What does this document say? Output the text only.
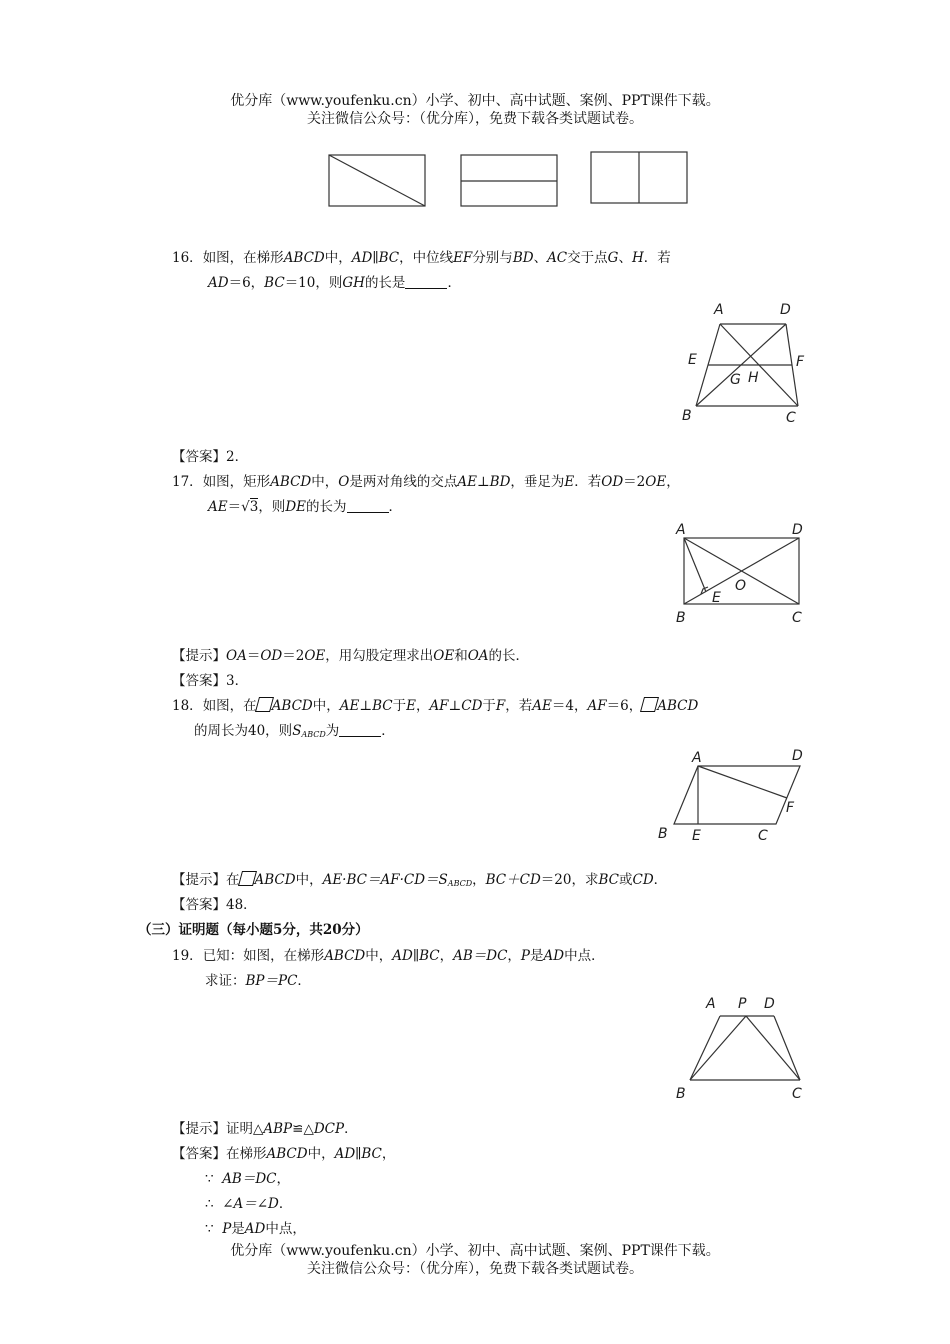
优分库（www.youfenku.cn）小学、初中、高中试题、案例、PPT课件下载。
关注微信公众号：（优分库），免费下载各类试题试卷。
16．如图，在梯形ABCD中，AD∥BC，中位线EF分别与BD、AC交于点G、H．若
AD＝6，BC＝10，则GH的长是	．
A	D
E	F
G H
B	C
【答案】2．
17．如图，矩形ABCD中，O是两对角线的交点AE⊥BD，垂足为E．若OD＝2OE，
AE＝√3，则DE的长为	．
A	D
O
E
B	C
【提示】OA＝OD＝2OE，用勾股定理求出OE和OA的长．
【答案】3．
18．如图，在 ABCD中，AE⊥BC于E，AF⊥CD于F，若AE＝4，AF＝6， ABCD
的周长为40，则$S_{ABCD}$为	．
A	D
F
B E	C
【提示】在 ABCD中，$AE\cdot BC=AF\cdot CD=S_{ABCD}$，BC＋CD＝20，求BC或CD．
【答案】48．
（三）证明题（每小题5分，共20分）
19．已知：如图，在梯形ABCD中，AD∥BC，AB＝DC，P是AD中点．
求证：BP＝PC．
A P D
B	C
【提示】证明△ABP≌△DCP．
【答案】在梯形ABCD中，AD∥BC，
∵ AB＝DC，
∴ ∠A＝∠D．
∵ P是AD中点，
优分库（www.youfenku.cn）小学、初中、高中试题、案例、PPT课件下载。
关注微信公众号：（优分库），免费下载各类试题试卷。
